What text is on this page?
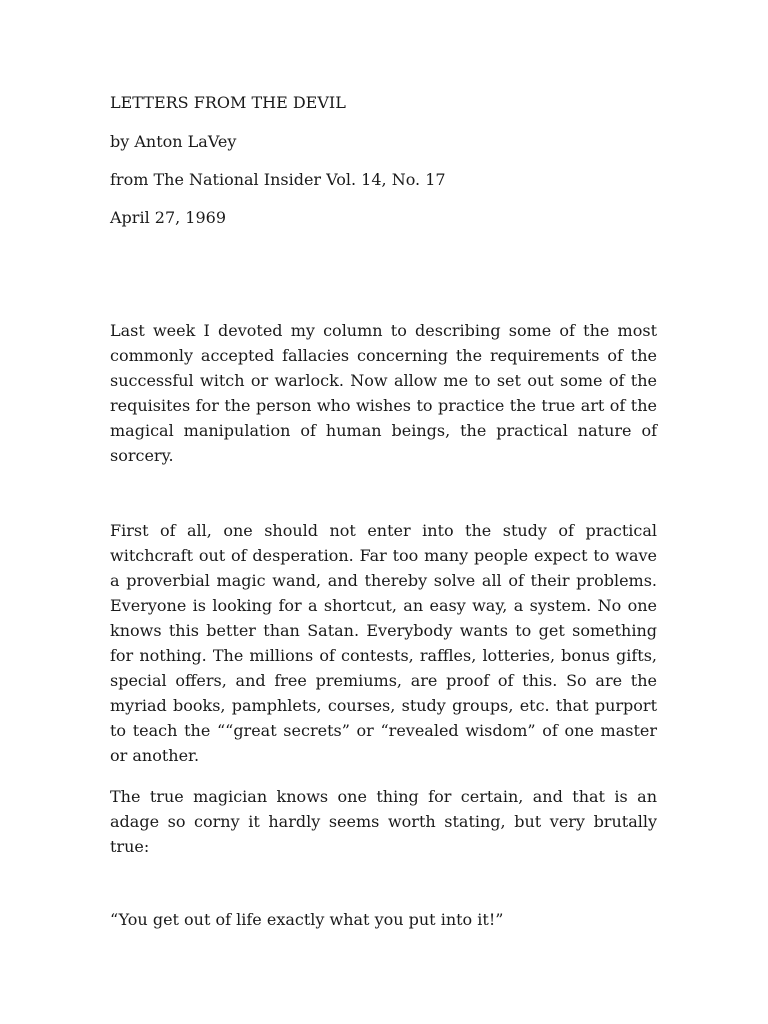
LETTERS FROM THE DEVIL
by Anton LaVey
from The National Insider Vol. 14, No. 17
April 27, 1969

Last week I devoted my column to describing some of the most commonly accepted fallacies concerning the requirements of the successful witch or warlock. Now allow me to set out some of the requisites for the person who wishes to practice the true art of the magical manipulation of human beings, the practical nature of sorcery.

First of all, one should not enter into the study of practical witchcraft out of desperation. Far too many people expect to wave a proverbial magic wand, and thereby solve all of their problems. Everyone is looking for a shortcut, an easy way, a system. No one knows this better than Satan. Everybody wants to get something for nothing. The millions of contests, raffles, lotteries, bonus gifts, special offers, and free premiums, are proof of this. So are the myriad books, pamphlets, courses, study groups, etc. that purport to teach the ““great secrets” or “revealed wisdom” of one master or another.

The true magician knows one thing for certain, and that is an adage so corny it hardly seems worth stating, but very brutally true:

“You get out of life exactly what you put into it!”
